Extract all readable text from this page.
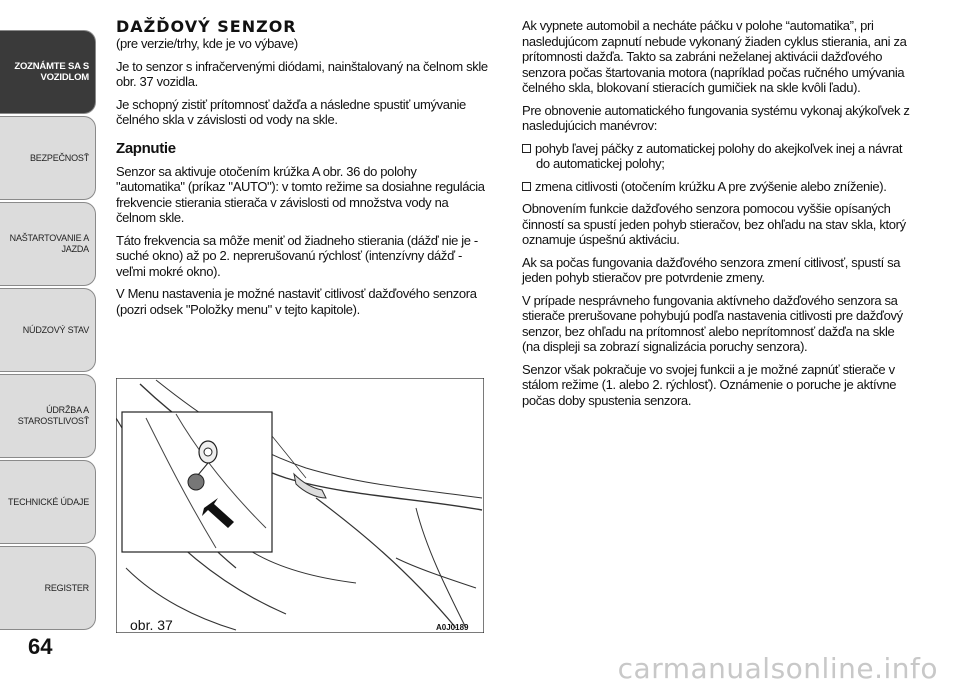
ZOZNÁMTE SA S VOZIDLOM
BEZPEČNOSŤ
NAŠTARTOVANIE A JAZDA
NÚDZOVÝ STAV
ÚDRŽBA A STAROSTLIVOSŤ
TECHNICKÉ ÚDAJE
REGISTER
64
DAŽĎOVÝ SENZOR

(pre verzie/trhy, kde je vo výbave)

Je to senzor s infračervenými diódami, nainštalovaný na čelnom skle obr. 37 vozidla.

Je schopný zistiť prítomnosť dažďa a následne spustiť umývanie čelného skla v závislosti od vody na skle.

Zapnutie

Senzor sa aktivuje otočením krúžka A obr. 36 do polohy "automatika" (príkaz "AUTO"): v tomto režime sa dosiahne regulácia frekvencie stierania stierača v závislosti od množstva vody na čelnom skle.

Táto frekvencia sa môže meniť od žiadneho stierania (dážď nie je - suché okno) až po 2. neprerušovanú rýchlosť (intenzívny dážď - veľmi mokré okno).

V Menu nastavenia je možné nastaviť citlivosť dažďového senzora (pozri odsek "Položky menu" v tejto kapitole).

obr. 37	A0J0189

Ak vypnete automobil a necháte páčku v polohe “automatika”, pri nasledujúcom zapnutí nebude vykonaný žiaden cyklus stierania, ani za prítomnosti dažďa. Takto sa zabráni neželanej aktivácii dažďového senzora počas štartovania motora (napríklad počas ručného umývania čelného skla, blokovaní stieracích gumičiek na skle kvôli ľadu).

Pre obnovenie automatického fungovania systému vykonaj akýkoľvek z nasledujúcich manévrov:

pohyb ľavej páčky z automatickej polohy do akejkoľvek inej a návrat do automatickej polohy;

zmena citlivosti (otočením krúžku A pre zvýšenie alebo zníženie).

Obnovením funkcie dažďového senzora pomocou vyššie opísaných činností sa spustí jeden pohyb stieračov, bez ohľadu na stav skla, ktorý oznamuje úspešnú aktiváciu.

Ak sa počas fungovania dažďového senzora zmení citlivosť, spustí sa jeden pohyb stieračov pre potvrdenie zmeny.

V prípade nesprávneho fungovania aktívneho dažďového senzora sa stierače prerušovane pohybujú podľa nastavenia citlivosti pre dažďový senzor, bez ohľadu na prítomnosť alebo neprítomnosť dažďa na skle (na displeji sa zobrazí signalizácia poruchy senzora).

Senzor však pokračuje vo svojej funkcii a je možné zapnúť stierače v stálom režime (1. alebo 2. rýchlosť). Oznámenie o poruche je aktívne počas doby spustenia senzora.

carmanualsonline.info
